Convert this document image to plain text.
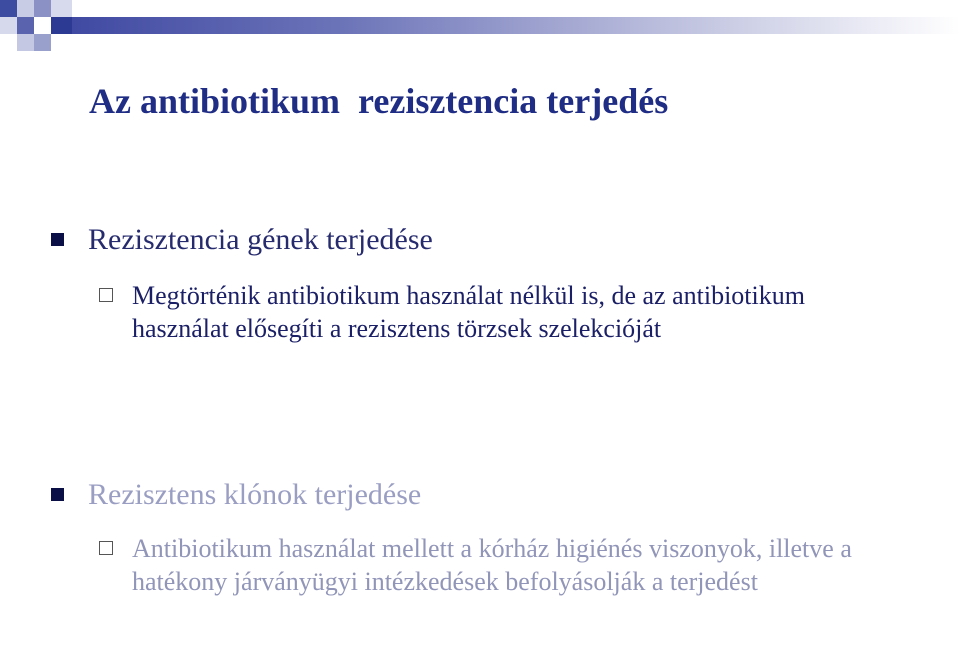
Az antibiotikum  rezisztencia terjedés
Rezisztencia gének terjedése
Megtörténik antibiotikum használat nélkül is, de az antibiotikum használat elősegíti a rezisztens törzsek szelekcióját
Rezisztens klónok terjedése
Antibiotikum használat mellett a kórház higiénés viszonyok, illetve a hatékony járványügyi intézkedések befolyásolják a terjedést
